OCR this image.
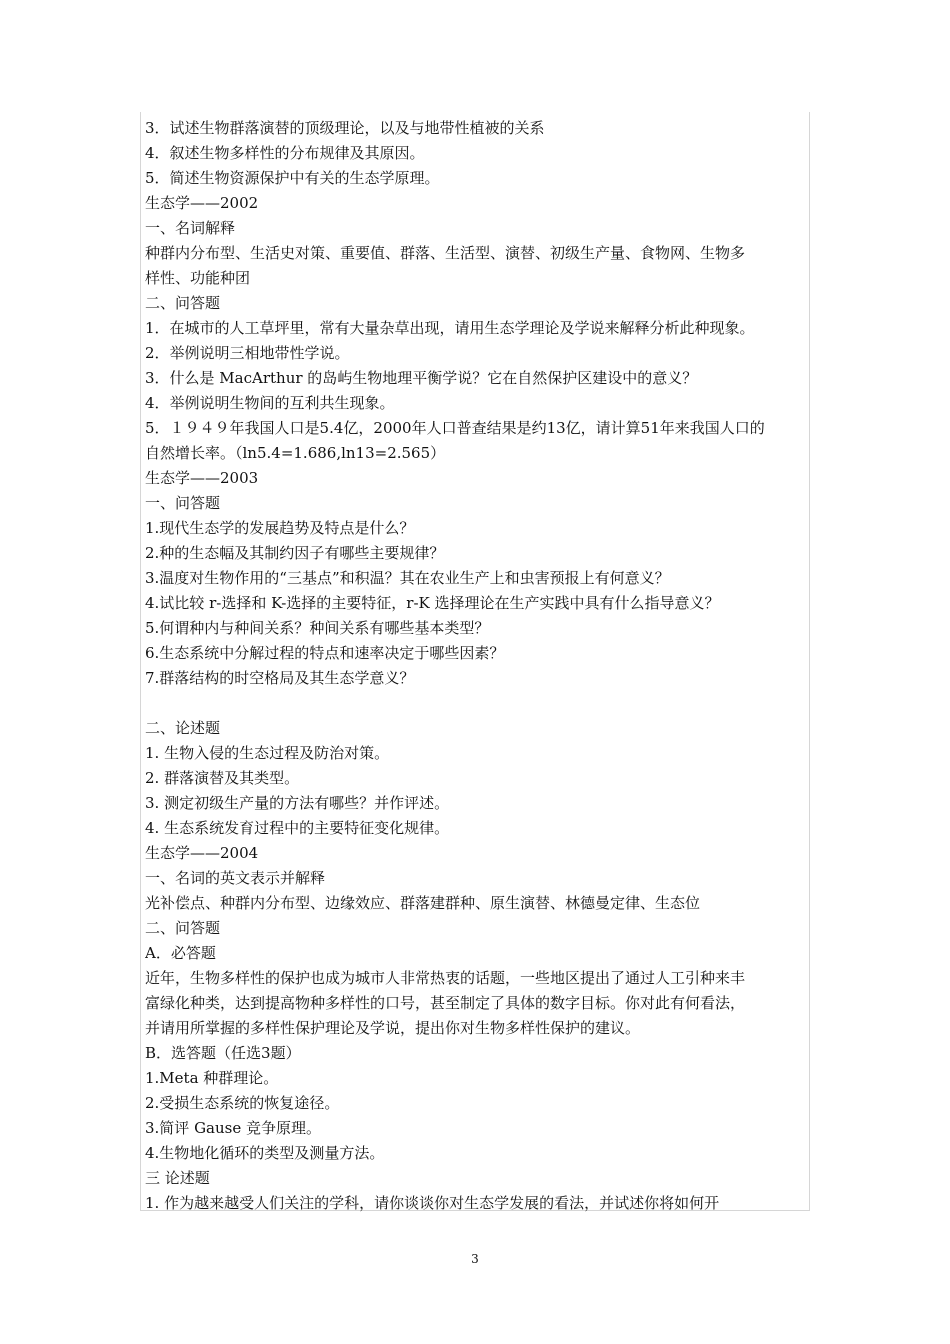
3．试述生物群落演替的顶级理论，以及与地带性植被的关系
4．叙述生物多样性的分布规律及其原因。
5．简述生物资源保护中有关的生态学原理。
生态学——2002
一、名词解释
种群内分布型、生活史对策、重要值、群落、生活型、演替、初级生产量、食物网、生物多
样性、功能种团
二、问答题
1．在城市的人工草坪里，常有大量杂草出现，请用生态学理论及学说来解释分析此种现象。
2．举例说明三相地带性学说。
3．什么是 MacArthur 的岛屿生物地理平衡学说？它在自然保护区建设中的意义？
4．举例说明生物间的互利共生现象。
5．１９４９年我国人口是5.4亿，2000年人口普查结果是约13亿，请计算51年来我国人口的
自然增长率。（ln5.4=1.686,ln13=2.565）
生态学——2003
一、问答题
1.现代生态学的发展趋势及特点是什么？
2.种的生态幅及其制约因子有哪些主要规律？
3.温度对生物作用的“三基点”和积温？其在农业生产上和虫害预报上有何意义？
4.试比较 r-选择和 K-选择的主要特征，r-K 选择理论在生产实践中具有什么指导意义？
5.何谓种内与种间关系？种间关系有哪些基本类型？
6.生态系统中分解过程的特点和速率决定于哪些因素？
7.群落结构的时空格局及其生态学意义？
二、论述题
1. 生物入侵的生态过程及防治对策。
2. 群落演替及其类型。
3. 测定初级生产量的方法有哪些？并作评述。
4. 生态系统发育过程中的主要特征变化规律。
生态学——2004
一、名词的英文表示并解释
光补偿点、种群内分布型、边缘效应、群落建群种、原生演替、林德曼定律、生态位
二、问答题
A．必答题
近年，生物多样性的保护也成为城市人非常热衷的话题，一些地区提出了通过人工引种来丰
富绿化种类，达到提高物种多样性的口号，甚至制定了具体的数字目标。你对此有何看法，
并请用所掌握的多样性保护理论及学说，提出你对生物多样性保护的建议。
B．选答题（任选3题）
1.Meta 种群理论。
2.受损生态系统的恢复途径。
3.简评 Gause 竞争原理。
4.生物地化循环的类型及测量方法。
三 论述题
1. 作为越来越受人们关注的学科，请你谈谈你对生态学发展的看法，并试述你将如何开
3
